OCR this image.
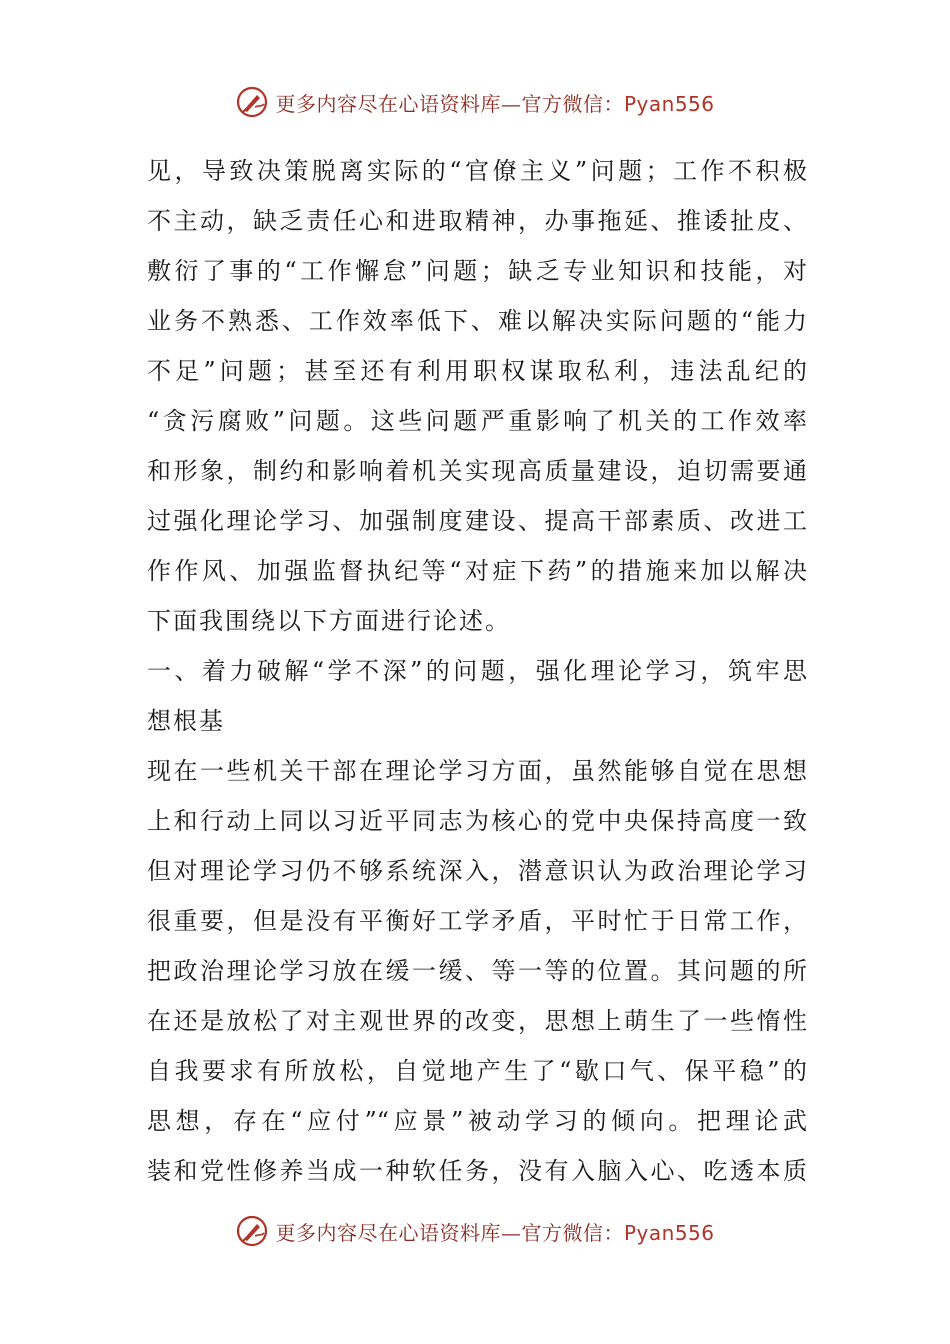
更多内容尽在心语资料库—官方微信：Pyan556
见，导致决策脱离实际的“官僚主义”问题；工作不积极
不主动，缺乏责任心和进取精神，办事拖延、推诿扯皮、
敷衍了事的“工作懈怠”问题；缺乏专业知识和技能，对
业务不熟悉、工作效率低下、难以解决实际问题的“能力
不足”问题；甚至还有利用职权谋取私利，违法乱纪的
“贪污腐败”问题。这些问题严重影响了机关的工作效率
和形象，制约和影响着机关实现高质量建设，迫切需要通
过强化理论学习、加强制度建设、提高干部素质、改进工
作作风、加强监督执纪等“对症下药”的措施来加以解决
下面我围绕以下方面进行论述。
一、着力破解“学不深”的问题，强化理论学习，筑牢思
想根基
现在一些机关干部在理论学习方面，虽然能够自觉在思想
上和行动上同以习近平同志为核心的党中央保持高度一致
但对理论学习仍不够系统深入，潜意识认为政治理论学习
很重要，但是没有平衡好工学矛盾，平时忙于日常工作，
把政治理论学习放在缓一缓、等一等的位置。其问题的所
在还是放松了对主观世界的改变，思想上萌生了一些惰性
自我要求有所放松，自觉地产生了“歇口气、保平稳”的
思想，存在“应付”“应景”被动学习的倾向。把理论武
装和党性修养当成一种软任务，没有入脑入心、吃透本质
更多内容尽在心语资料库—官方微信：Pyan556
